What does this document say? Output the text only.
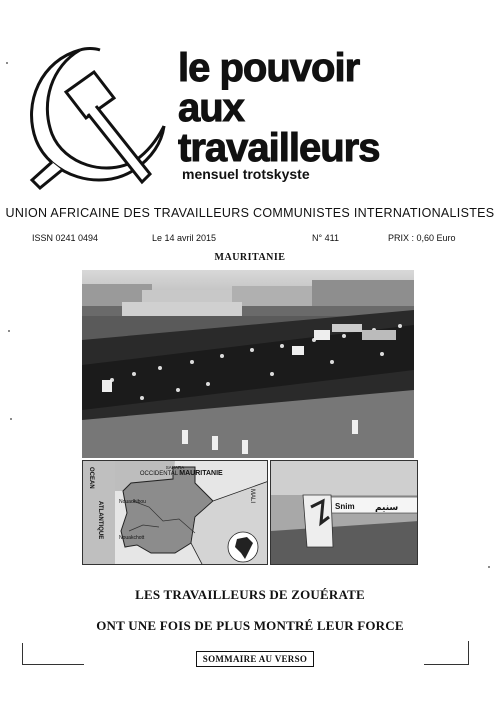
le pouvoir
aux
travailleurs
mensuel trotskyste
UNION AFRICAINE DES TRAVAILLEURS COMMUNISTES INTERNATIONALISTES
ISSN 0241 0494	Le 14 avril 2015	N° 411	PRIX : 0,60 Euro
MAURITANIE
SAHARA
OCCIDENTAL MAURITANIE
MALI
OCEAN
ATLANTIQUE	Nouadhibou
Nouakchott
Snim سنيم
LES TRAVAILLEURS DE ZOUÉRATE
ONT UNE FOIS DE PLUS MONTRÉ LEUR FORCE
SOMMAIRE AU VERSO
